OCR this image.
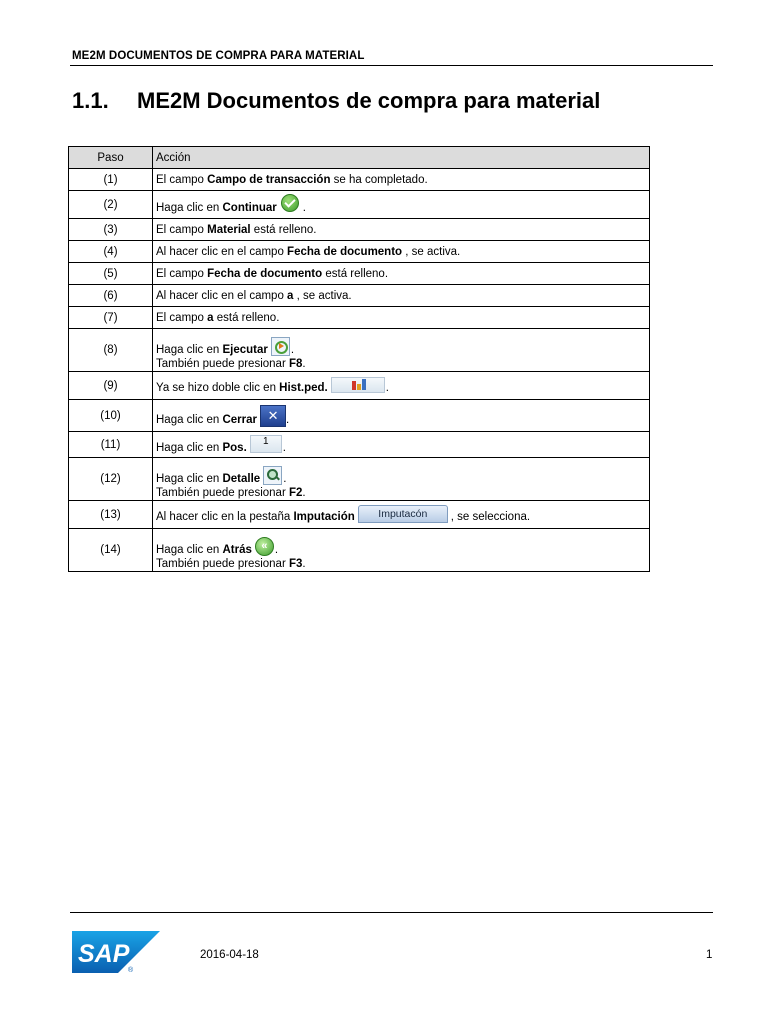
ME2M DOCUMENTOS DE COMPRA PARA MATERIAL
1.1. ME2M Documentos de compra para material
Paso	Acción
(1)	El campo Campo de transacción se ha completado.
(2)	Haga clic en Continuar .
(3)	El campo Material está relleno.
(4)	Al hacer clic en el campo Fecha de documento , se activa.
(5)	El campo Fecha de documento está relleno.
(6)	Al hacer clic en el campo a , se activa.
(7)	El campo a está relleno.
(8)	Haga clic en Ejecutar .
También puede presionar F8.
(9)	Ya se hizo doble clic en Hist.ped. .
(10)	Haga clic en Cerrar ✕ .
(11)	Haga clic en Pos.1.
(12)	Haga clic en Detalle .
También puede presionar F2.
(13)	Al hacer clic en la pestaña Imputación Imputacón , se selecciona.
(14)	Haga clic en Atrás « .
También puede presionar F3.
SAP
®
2016-04-18	1
